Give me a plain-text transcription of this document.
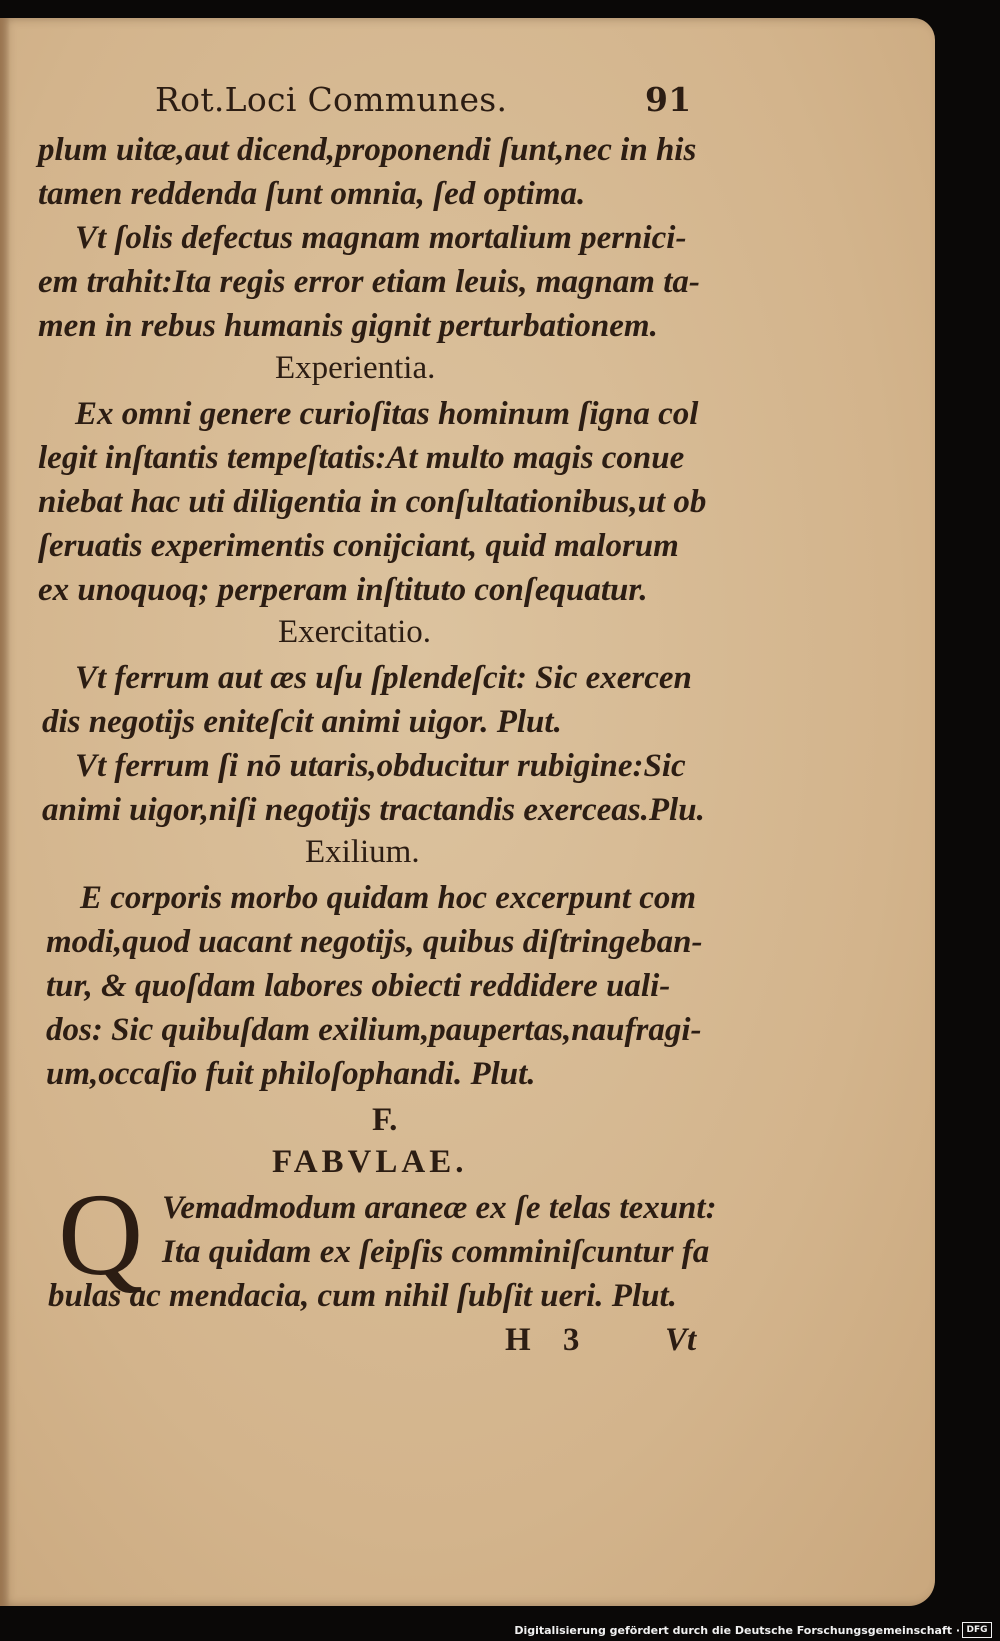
Rot.Loci Communes.	91
plum uitæ,aut dicend,proponendi ſunt,nec in his
tamen reddenda ſunt omnia, ſed optima.
Vt ſolis defectus magnam mortalium pernici-
em trahit:Ita regis error etiam leuis, magnam ta-
men in rebus humanis gignit perturbationem.
Experientia.
Ex omni genere curioſitas hominum ſigna col
legit inſtantis tempeſtatis:At multo magis conue
niebat hac uti diligentia in conſultationibus,ut ob
ſeruatis experimentis conijciant, quid malorum
ex unoquoq; perperam inſtituto conſequatur.
Exercitatio.
Vt ferrum aut æs uſu ſplendeſcit: Sic exercen
dis negotijs eniteſcit animi uigor. Plut.
Vt ferrum ſi nō utaris,obducitur rubigine:Sic
animi uigor,niſi negotijs tractandis exerceas.Plu.
Exilium.
E corporis morbo quidam hoc excerpunt com
modi,quod uacant negotijs, quibus diſtringeban-
tur, & quoſdam labores obiecti reddidere uali-
dos: Sic quibuſdam exilium,paupertas,naufragi-
um,occaſio fuit philoſophandi. Plut.
F.
FABVLAE.
Q Vemadmodum araneæ ex ſe telas texunt:
Ita quidam ex ſeipſis comminiſcuntur fa
bulas ac mendacia, cum nihil ſubſit ueri. Plut.
H 3	Vt
Digitalisierung gefördert durch die Deutsche Forschungsgemeinschaft · DFG
